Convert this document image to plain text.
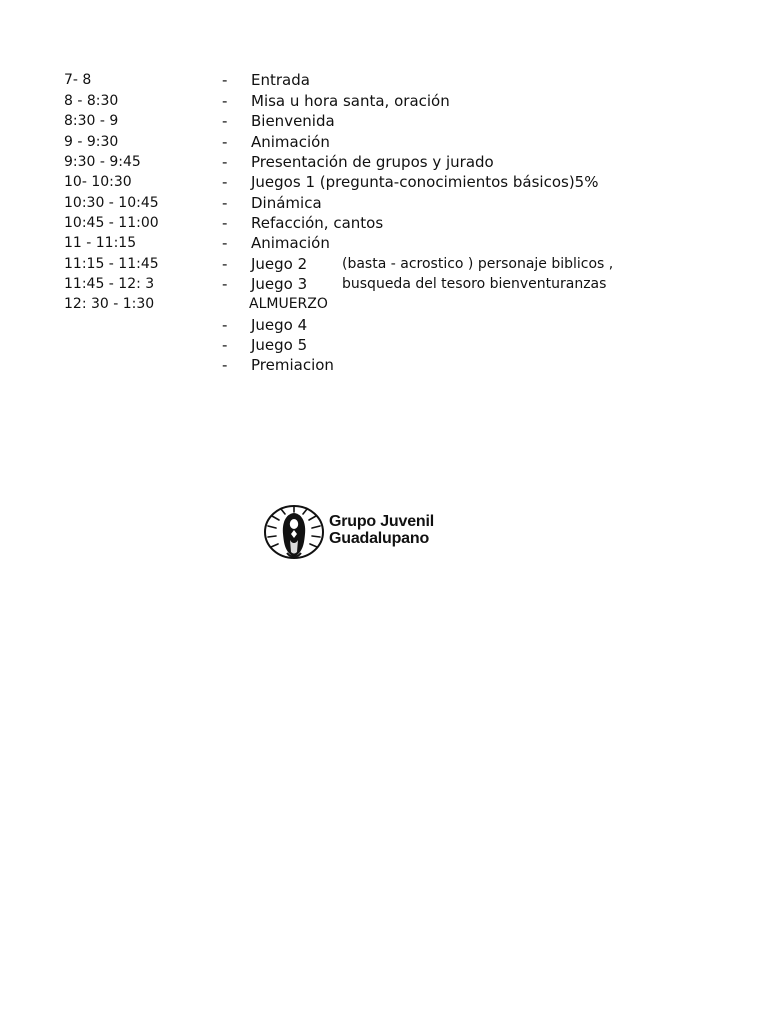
7- 8
8 - 8:30
8:30 - 9
9 - 9:30
9:30 - 9:45
10- 10:30
10:30 - 10:45
10:45 - 11:00
11 - 11:15
11:15 - 11:45
11:45 - 12: 3
12: 30 - 1:30
-
-
-
-
-
-
-
-
-
-
-
-
-
-
Entrada
Misa u hora santa, oración
Bienvenida
Animación
Presentación de grupos y jurado
Juegos 1 (pregunta-conocimientos básicos)5%
Dinámica
Refacción, cantos
Animación
Juego 2
Juego 3
ALMUERZO
Juego 4
Juego 5
Premiacion
(basta - acrostico ) personaje biblicos ,
busqueda del tesoro bienventuranzas
Grupo Juvenil
Guadalupano
